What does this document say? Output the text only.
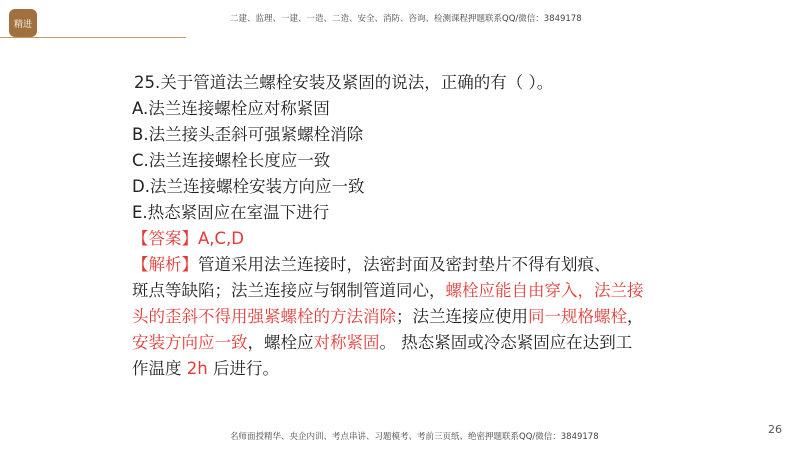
精进
二建、监理、一建、一造、二造、安全、消防、咨询、检测课程押题联系QQ/微信：3849178
25.关于管道法兰螺栓安装及紧固的说法，正确的有（ ）。
A.法兰连接螺栓应对称紧固
B.法兰接头歪斜可强紧螺栓消除
C.法兰连接螺栓长度应一致
D.法兰连接螺栓安装方向应一致
E.热态紧固应在室温下进行
【答案】A,C,D
【解析】管道采用法兰连接时，法密封面及密封垫片不得有划痕、
斑点等缺陷；法兰连接应与钢制管道同心，螺栓应能自由穿入，法兰接
头的歪斜不得用强紧螺栓的方法消除；法兰连接应使用同一规格螺栓，
安装方向应一致，螺栓应对称紧固。 热态紧固或冷态紧固应在达到工
作温度 2h 后进行。
26
名师面授精华、央企内训、考点串讲、习题模考、考前三页纸、绝密押题联系QQ/微信：3849178
